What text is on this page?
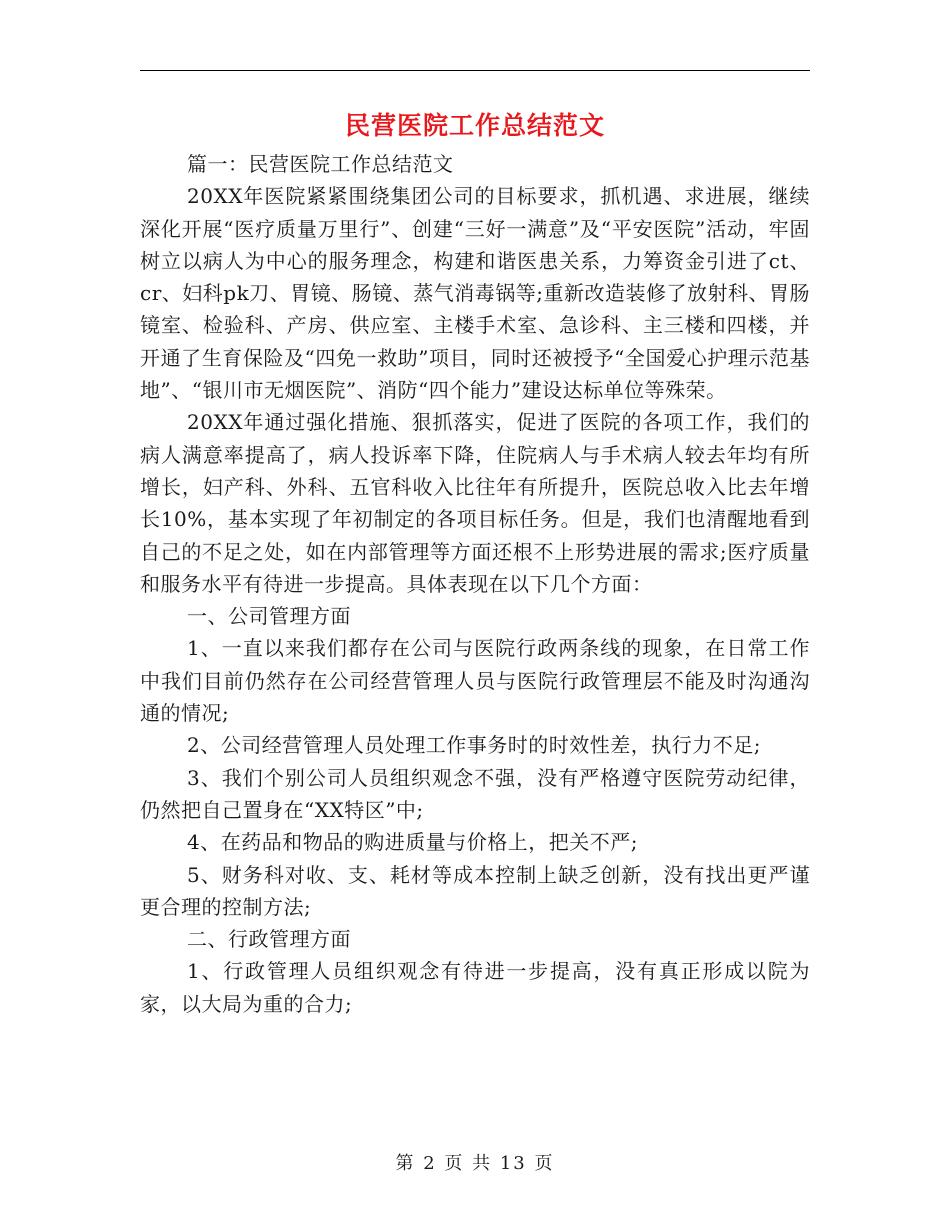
民营医院工作总结范文

篇一：民营医院工作总结范文

20XX年医院紧紧围绕集团公司的目标要求，抓机遇、求进展，继续深化开展“医疗质量万里行”、创建“三好一满意”及“平安医院”活动，牢固树立以病人为中心的服务理念，构建和谐医患关系，力筹资金引进了ct、cr、妇科pk刀、胃镜、肠镜、蒸气消毒锅等;重新改造装修了放射科、胃肠镜室、检验科、产房、供应室、主楼手术室、急诊科、主三楼和四楼，并开通了生育保险及“四免一救助”项目，同时还被授予“全国爱心护理示范基地”、“银川市无烟医院”、消防“四个能力”建设达标单位等殊荣。

20XX年通过强化措施、狠抓落实，促进了医院的各项工作，我们的病人满意率提高了，病人投诉率下降，住院病人与手术病人较去年均有所增长，妇产科、外科、五官科收入比往年有所提升，医院总收入比去年增长10%，基本实现了年初制定的各项目标任务。但是，我们也清醒地看到自己的不足之处，如在内部管理等方面还根不上形势进展的需求;医疗质量和服务水平有待进一步提高。具体表现在以下几个方面：

一、公司管理方面

1、一直以来我们都存在公司与医院行政两条线的现象，在日常工作中我们目前仍然存在公司经营管理人员与医院行政管理层不能及时沟通沟通的情况;

2、公司经营管理人员处理工作事务时的时效性差，执行力不足;

3、我们个别公司人员组织观念不强，没有严格遵守医院劳动纪律，仍然把自己置身在“XX特区”中;

4、在药品和物品的购进质量与价格上，把关不严;

5、财务科对收、支、耗材等成本控制上缺乏创新，没有找出更严谨更合理的控制方法;

二、行政管理方面

1、行政管理人员组织观念有待进一步提高，没有真正形成以院为家，以大局为重的合力;

第 2 页 共 13 页
